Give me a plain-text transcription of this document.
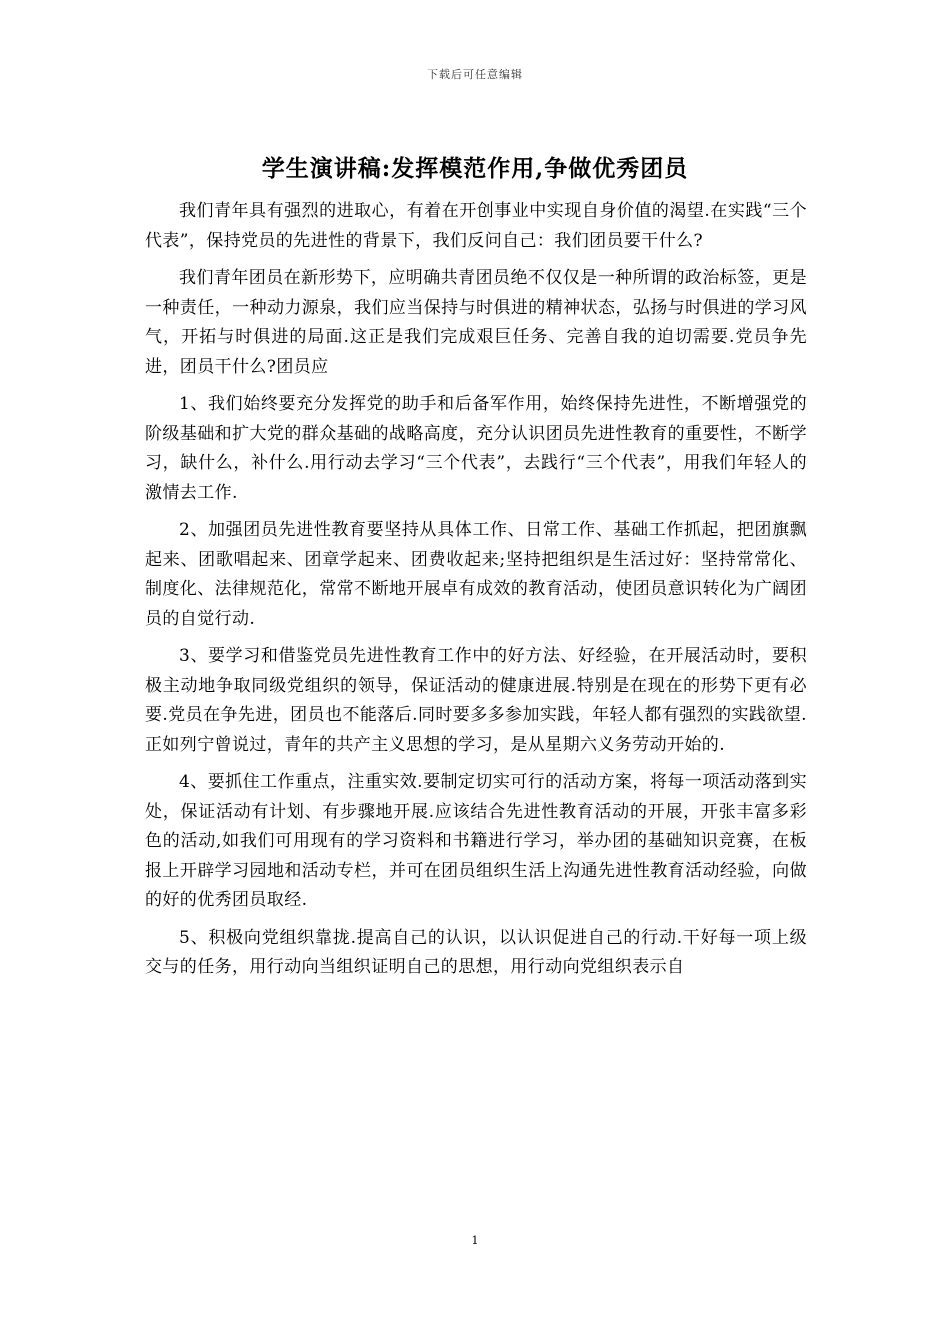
下载后可任意编辑
学生演讲稿:发挥模范作用,争做优秀团员

我们青年具有强烈的进取心，有着在开创事业中实现自身价值的渴望.在实践“三个代表”，保持党员的先进性的背景下，我们反问自己：我们团员要干什么?

我们青年团员在新形势下，应明确共青团员绝不仅仅是一种所谓的政治标签，更是一种责任，一种动力源泉，我们应当保持与时俱进的精神状态，弘扬与时俱进的学习风气，开拓与时俱进的局面.这正是我们完成艰巨任务、完善自我的迫切需要.党员争先进，团员干什么?团员应

1、我们始终要充分发挥党的助手和后备军作用，始终保持先进性，不断增强党的阶级基础和扩大党的群众基础的战略高度，充分认识团员先进性教育的重要性，不断学习，缺什么，补什么.用行动去学习“三个代表”，去践行“三个代表”，用我们年轻人的激情去工作.

2、加强团员先进性教育要坚持从具体工作、日常工作、基础工作抓起，把团旗飘起来、团歌唱起来、团章学起来、团费收起来;坚持把组织是生活过好：坚持常常化、制度化、法律规范化，常常不断地开展卓有成效的教育活动，使团员意识转化为广阔团员的自觉行动.

3、要学习和借鉴党员先进性教育工作中的好方法、好经验，在开展活动时，要积极主动地争取同级党组织的领导，保证活动的健康进展.特别是在现在的形势下更有必要.党员在争先进，团员也不能落后.同时要多多参加实践，年轻人都有强烈的实践欲望.正如列宁曾说过，青年的共产主义思想的学习，是从星期六义务劳动开始的.

4、要抓住工作重点，注重实效.要制定切实可行的活动方案，将每一项活动落到实处，保证活动有计划、有步骤地开展.应该结合先进性教育活动的开展，开张丰富多彩色的活动,如我们可用现有的学习资料和书籍进行学习，举办团的基础知识竞赛，在板报上开辟学习园地和活动专栏，并可在团员组织生活上沟通先进性教育活动经验，向做的好的优秀团员取经.

5、积极向党组织靠拢.提高自己的认识，以认识促进自己的行动.干好每一项上级交与的任务，用行动向当组织证明自己的思想，用行动向党组织表示自

1
